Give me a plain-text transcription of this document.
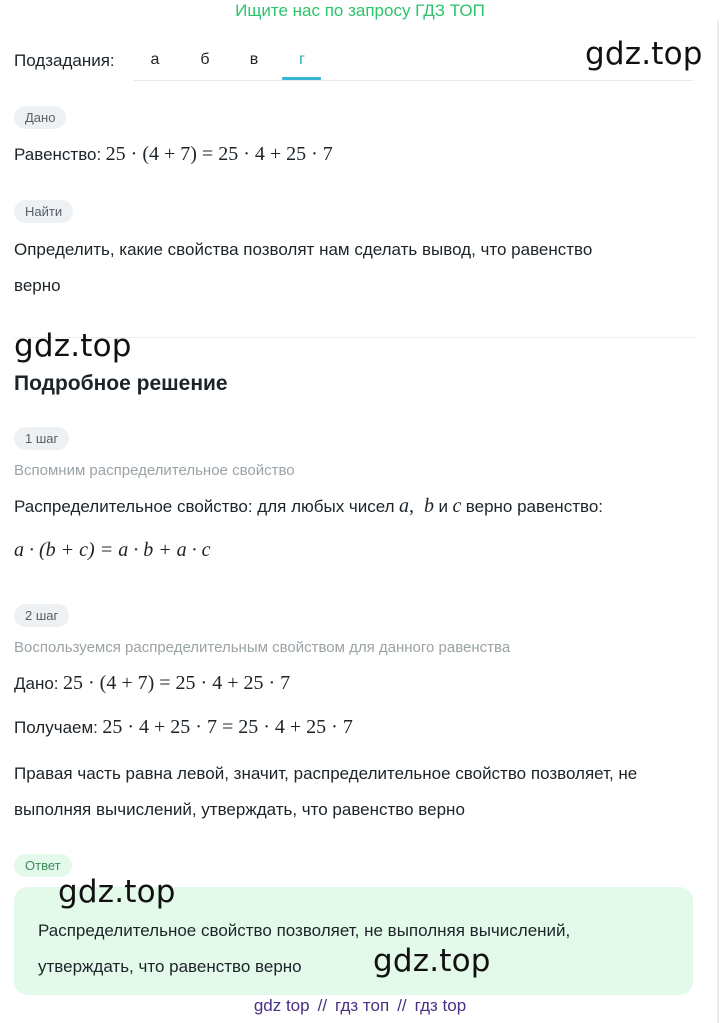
Ищите нас по запросу ГДЗ ТОП
Подзадания:	а	б	в	г	gdz.top
Дано
Равенство: 25 · (4 + 7) = 25 · 4 + 25 · 7
Найти
Определить, какие свойства позволят нам сделать вывод, что равенство
верно
gdz.top
Подробное решение
1 шаг
Вспомним распределительное свойство
Распределительное свойство: для любых чисел a, b и c верно равенство:
a · (b + c) = a · b + a · c
2 шаг
Воспользуемся распределительным свойством для данного равенства
Дано: 25 · (4 + 7) = 25 · 4 + 25 · 7
Получаем: 25 · 4 + 25 · 7 = 25 · 4 + 25 · 7
Правая часть равна левой, значит, распределительное свойство позволяет, не
выполняя вычислений, утверждать, что равенство верно
Ответ
Распределительное свойство позволяет, не выполняя вычислений,
утверждать, что равенство верно
gdz.top
gdz.top
gdz top // гдз топ // гдз top
